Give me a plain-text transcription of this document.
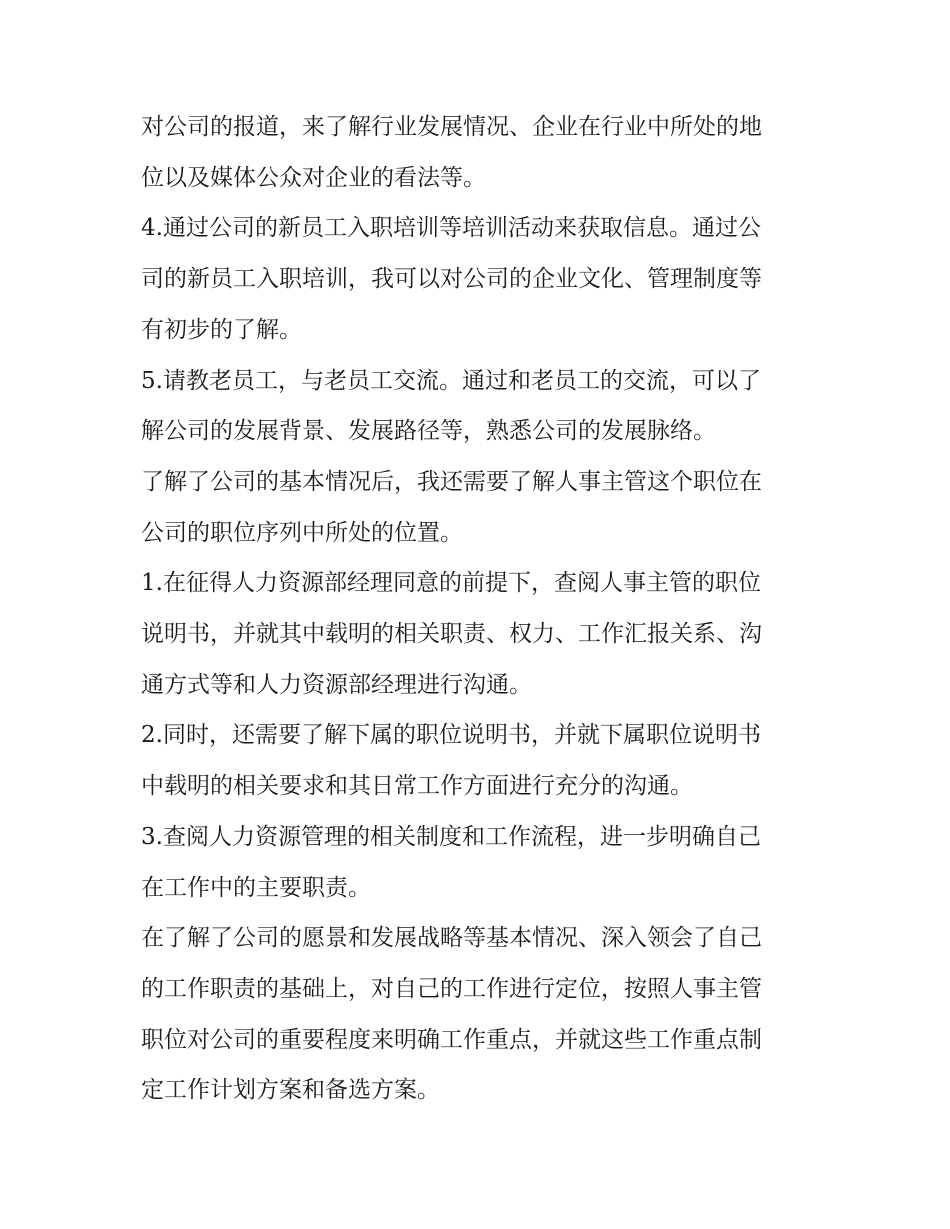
对公司的报道，来了解行业发展情况、企业在行业中所处的地
位以及媒体公众对企业的看法等。

4.通过公司的新员工入职培训等培训活动来获取信息。通过公
司的新员工入职培训，我可以对公司的企业文化、管理制度等
有初步的了解。

5.请教老员工，与老员工交流。通过和老员工的交流，可以了
解公司的发展背景、发展路径等，熟悉公司的发展脉络。

了解了公司的基本情况后，我还需要了解人事主管这个职位在
公司的职位序列中所处的位置。

1.在征得人力资源部经理同意的前提下，查阅人事主管的职位
说明书，并就其中载明的相关职责、权力、工作汇报关系、沟
通方式等和人力资源部经理进行沟通。

2.同时，还需要了解下属的职位说明书，并就下属职位说明书
中载明的相关要求和其日常工作方面进行充分的沟通。

3.查阅人力资源管理的相关制度和工作流程，进一步明确自己
在工作中的主要职责。

在了解了公司的愿景和发展战略等基本情况、深入领会了自己
的工作职责的基础上，对自己的工作进行定位，按照人事主管
职位对公司的重要程度来明确工作重点，并就这些工作重点制
定工作计划方案和备选方案。
